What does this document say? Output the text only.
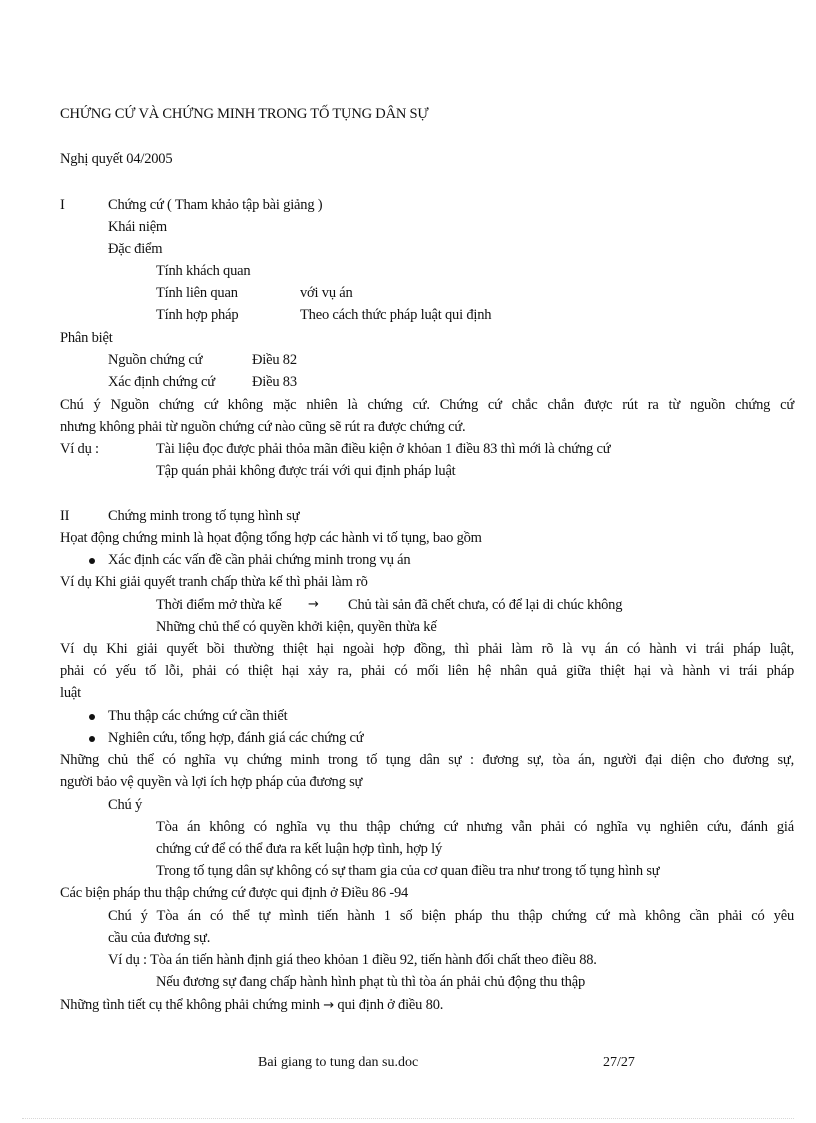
CHỨNG CỨ VÀ CHỨNG MINH TRONG TỐ TỤNG DÂN SỰ
Nghị quyết 04/2005
I	Chứng cứ ( Tham khảo tập bài giảng )
Khái niệm
Đặc điểm
Tính khách quan
Tính liên quan	với vụ án
Tính hợp pháp	Theo cách thức pháp luật qui định
Phân biệt
Nguồn chứng cứ	Điều 82
Xác định chứng cứ	Điều 83
Chú ý Nguồn chứng cứ không mặc nhiên là chứng cứ. Chứng cứ chắc chắn được rút ra từ nguồn chứng cứ
nhưng không phải từ nguồn chứng cứ nào cũng sẽ rút ra được chứng cứ.
Ví dụ :	Tài liệu đọc được phải thỏa mãn điều kiện ở khỏan 1 điều 83 thì mới là chứng cứ
Tập quán phải không được trái với qui định pháp luật
II	Chứng minh trong tố tụng hình sự
Họat động chứng minh là họat động tổng hợp các hành vi tố tụng, bao gồm
Xác định các vấn đề cần phải chứng minh trong vụ án
Ví dụ Khi giải quyết tranh chấp thừa kế thì phải làm rõ
Thời điểm mở thừa kế → Chủ tài sản đã chết chưa, có để lại di chúc không
Những chủ thể có quyền khởi kiện, quyền thừa kế
Ví dụ Khi giải quyết bồi thường thiệt hại ngoài hợp đồng, thì phải làm rõ là vụ án có hành vi trái pháp luật,
phải có yếu tố lỗi, phải có thiệt hại xảy ra, phải có mối liên hệ nhân quả giữa thiệt hại và hành vi trái pháp
luật
Thu thập các chứng cứ cần thiết
Nghiên cứu, tổng hợp, đánh giá các chứng cứ
Những chủ thể có nghĩa vụ chứng minh trong tố tụng dân sự : đương sự, tòa án, người đại diện cho đương sự,
người bảo vệ quyền và lợi ích hợp pháp của đương sự
Chú ý
Tòa án không có nghĩa vụ thu thập chứng cứ nhưng vẫn phải có nghĩa vụ nghiên cứu, đánh giá
chứng cứ để có thể đưa ra kết luận hợp tình, hợp lý
Trong tố tụng dân sự không có sự tham gia của cơ quan điều tra như trong tố tụng hình sự
Các biện pháp thu thập chứng cứ được qui định ở Điều 86 -94
Chú ý Tòa án có thể tự mình tiến hành 1 số biện pháp thu thập chứng cứ mà không cần phải có yêu
cầu của đương sự.
Ví dụ : Tòa án tiến hành định giá theo khỏan 1 điều 92, tiến hành đối chất theo điều 88.
Nếu đương sự đang chấp hành hình phạt tù thì tòa án phải chủ động thu thập
Những tình tiết cụ thể không phải chứng minh → qui định ở điều 80.
Bai giang to tung dan su.doc	27/27
